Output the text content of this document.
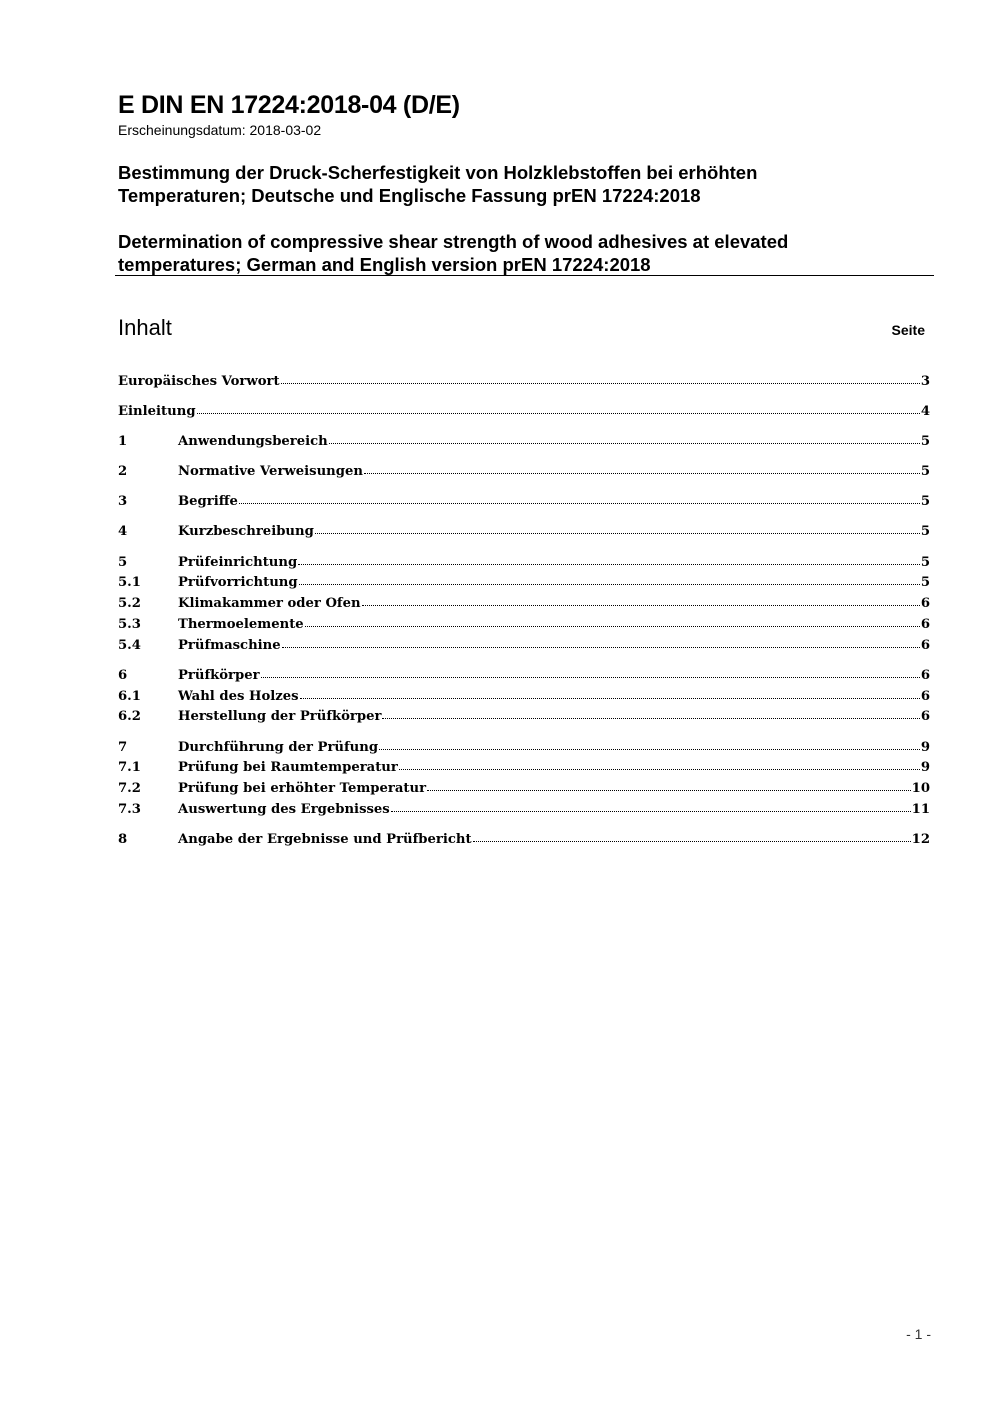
E DIN EN 17224:2018-04 (D/E)
Erscheinungsdatum: 2018-03-02
Bestimmung der Druck-Scherfestigkeit von Holzklebstoffen bei erhöhten Temperaturen; Deutsche und Englische Fassung prEN 17224:2018
Determination of compressive shear strength of wood adhesives at elevated temperatures; German and English version prEN 17224:2018
Inhalt	Seite
Europäisches Vorwort	3
Einleitung	4
1	Anwendungsbereich	5
2	Normative Verweisungen	5
3	Begriffe	5
4	Kurzbeschreibung	5
5	Prüfeinrichtung	5
5.1	Prüfvorrichtung	5
5.2	Klimakammer oder Ofen	6
5.3	Thermoelemente	6
5.4	Prüfmaschine	6
6	Prüfkörper	6
6.1	Wahl des Holzes	6
6.2	Herstellung der Prüfkörper	6
7	Durchführung der Prüfung	9
7.1	Prüfung bei Raumtemperatur	9
7.2	Prüfung bei erhöhter Temperatur	10
7.3	Auswertung des Ergebnisses	11
8	Angabe der Ergebnisse und Prüfbericht	12
- 1 -
